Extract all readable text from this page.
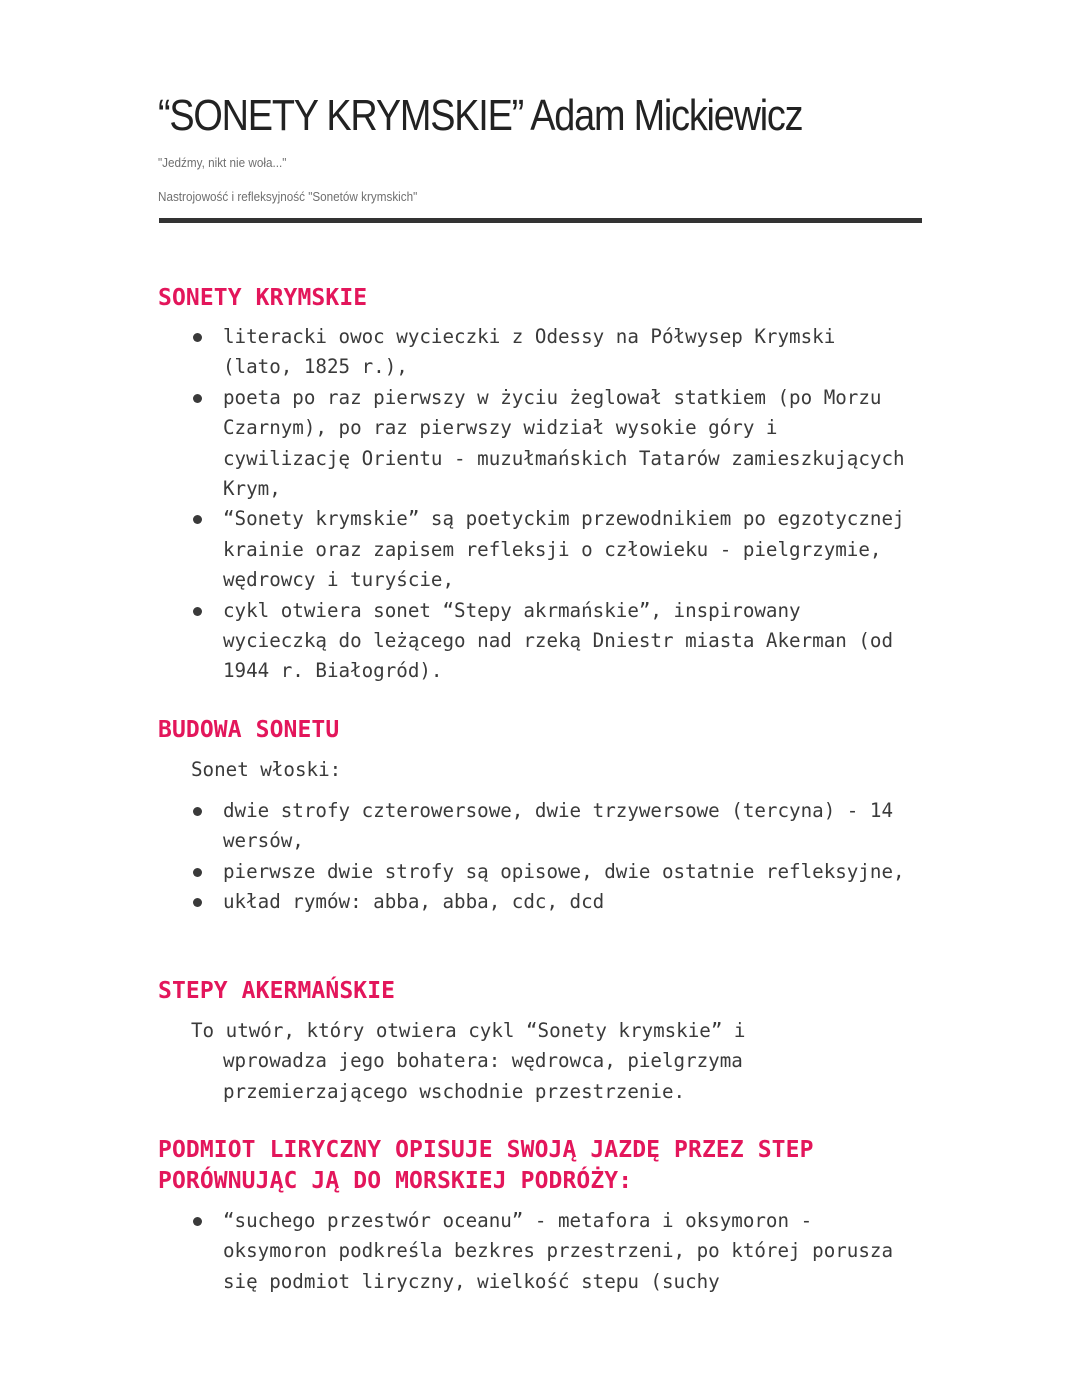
“SONETY KRYMSKIE” Adam Mickiewicz
"Jedźmy, nikt nie woła..."
Nastrojowość i refleksyjność "Sonetów krymskich"
SONETY KRYMSKIE
literacki owoc wycieczki z Odessy na Półwysep Krymski (lato, 1825 r.),
poeta po raz pierwszy w życiu żeglował statkiem (po Morzu Czarnym), po raz pierwszy widział wysokie góry i cywilizację Orientu - muzułmańskich Tatarów zamieszkujących Krym,
“Sonety krymskie” są poetyckim przewodnikiem po egzotycznej krainie oraz zapisem refleksji o człowieku - pielgrzymie, wędrowcy i turyście,
cykl otwiera sonet “Stepy akrmańskie”, inspirowany wycieczką do leżącego nad rzeką Dniestr miasta Akerman (od 1944 r. Białogród).
BUDOWA SONETU

Sonet włoski:

dwie strofy czterowersowe, dwie trzywersowe (tercyna) - 14 wersów,
pierwsze dwie strofy są opisowe, dwie ostatnie refleksyjne,
układ rymów: abba, abba, cdc, dcd
STEPY AKERMAŃSKIE

To utwór, który otwiera cykl “Sonety krymskie” i wprowadza jego bohatera: wędrowca, pielgrzyma przemierzającego wschodnie przestrzenie.

PODMIOT LIRYCZNY OPISUJE SWOJĄ JAZDĘ PRZEZ STEP PORÓWNUJĄC JĄ DO MORSKIEJ PODRÓŻY:
“suchego przestwór oceanu” - metafora i oksymoron - oksymoron podkreśla bezkres przestrzeni, po której porusza się podmiot liryczny, wielkość stepu (suchy
